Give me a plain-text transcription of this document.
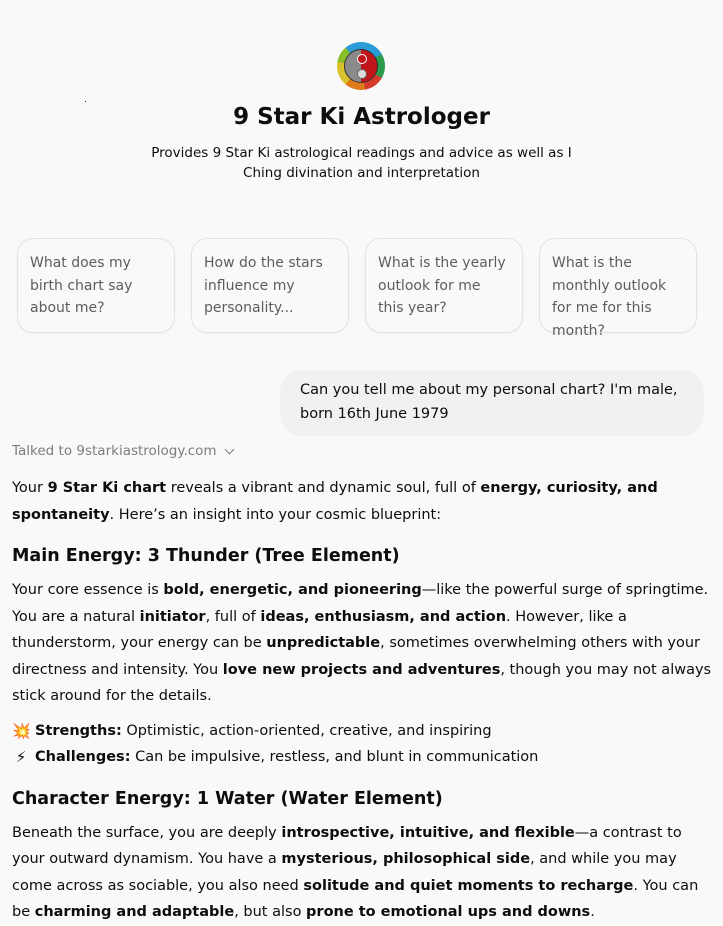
9 Star Ki Astrologer
Provides 9 Star Ki astrological readings and advice as well as I Ching divination and interpretation
What does my birth chart say about me?
How do the stars influence my personality...
What is the yearly outlook for me this year?
What is the monthly outlook for me for this month?
Can you tell me about my personal chart? I'm male, born 16th June 1979
Talked to 9starkiastrology.com

Your 9 Star Ki chart reveals a vibrant and dynamic soul, full of energy, curiosity, and spontaneity. Here’s an insight into your cosmic blueprint:

Main Energy: 3 Thunder (Tree Element)

Your core essence is bold, energetic, and pioneering—like the powerful surge of springtime. You are a natural initiator, full of ideas, enthusiasm, and action. However, like a thunderstorm, your energy can be unpredictable, sometimes overwhelming others with your directness and intensity. You love new projects and adventures, though you may not always stick around for the details.

💥 Strengths: Optimistic, action-oriented, creative, and inspiring
⚡ Challenges: Can be impulsive, restless, and blunt in communication
Character Energy: 1 Water (Water Element)

Beneath the surface, you are deeply introspective, intuitive, and flexible—a contrast to your outward dynamism. You have a mysterious, philosophical side, and while you may come across as sociable, you also need solitude and quiet moments to recharge. You can be charming and adaptable, but also prone to emotional ups and downs.
